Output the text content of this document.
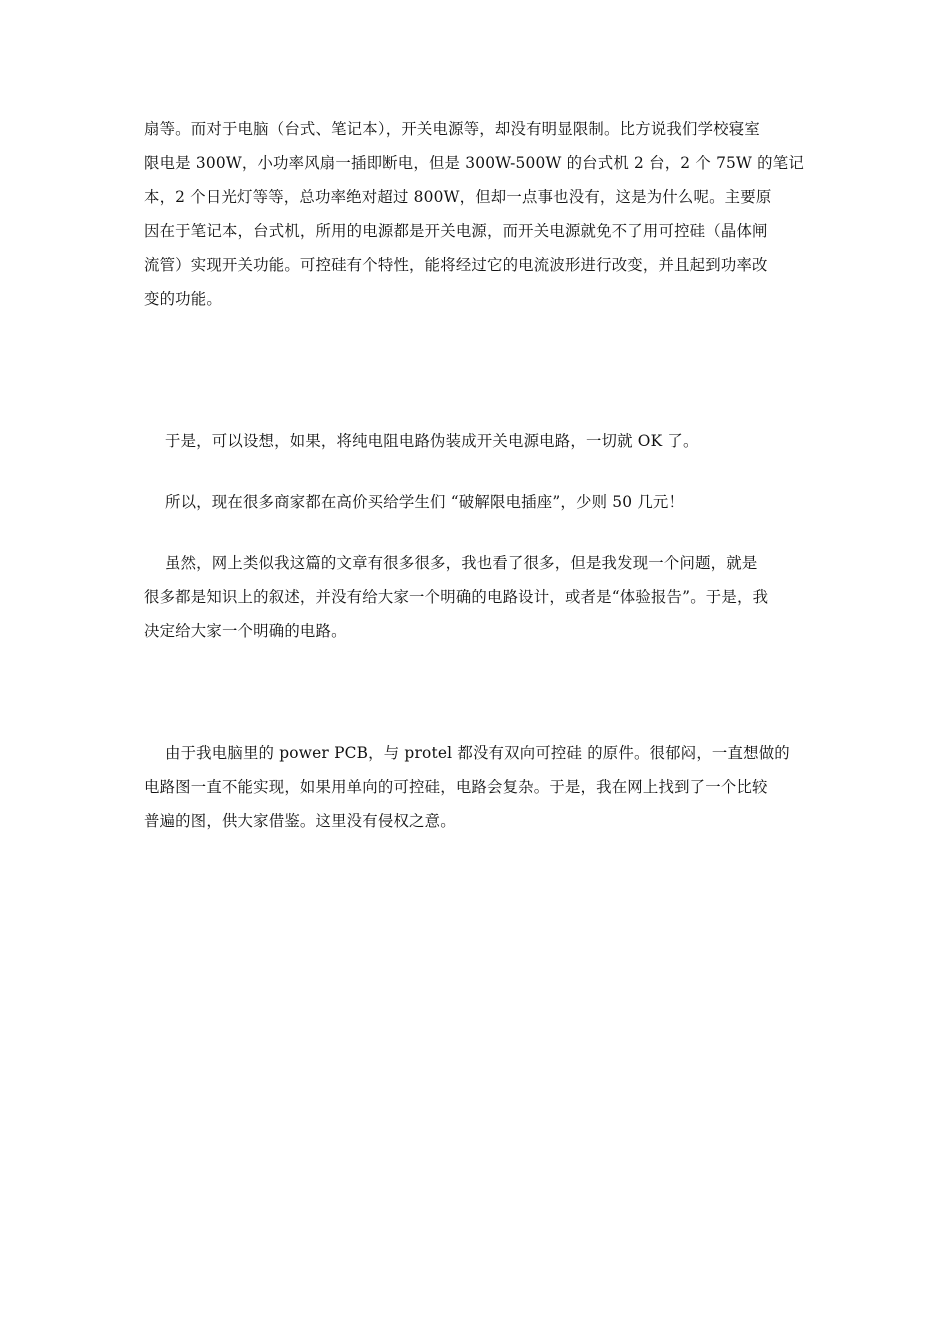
扇等。而对于电脑（台式、笔记本），开关电源等，却没有明显限制。比方说我们学校寝室
限电是 300W，小功率风扇一插即断电，但是 300W-500W 的台式机 2 台，2 个 75W 的笔记
本，2 个日光灯等等，总功率绝对超过 800W，但却一点事也没有，这是为什么呢。主要原
因在于笔记本，台式机，所用的电源都是开关电源，而开关电源就免不了用可控硅（晶体闸
流管）实现开关功能。可控硅有个特性，能将经过它的电流波形进行改变，并且起到功率改
变的功能。
于是，可以设想，如果，将纯电阻电路伪装成开关电源电路，一切就 OK 了。
所以，现在很多商家都在高价买给学生们 “破解限电插座”，少则 50 几元！
虽然，网上类似我这篇的文章有很多很多，我也看了很多，但是我发现一个问题，就是
很多都是知识上的叙述，并没有给大家一个明确的电路设计，或者是“体验报告”。于是，我
决定给大家一个明确的电路。
由于我电脑里的 power PCB，与 protel 都没有双向可控硅 的原件。很郁闷，一直想做的
电路图一直不能实现，如果用单向的可控硅，电路会复杂。于是，我在网上找到了一个比较
普遍的图，供大家借鉴。这里没有侵权之意。
